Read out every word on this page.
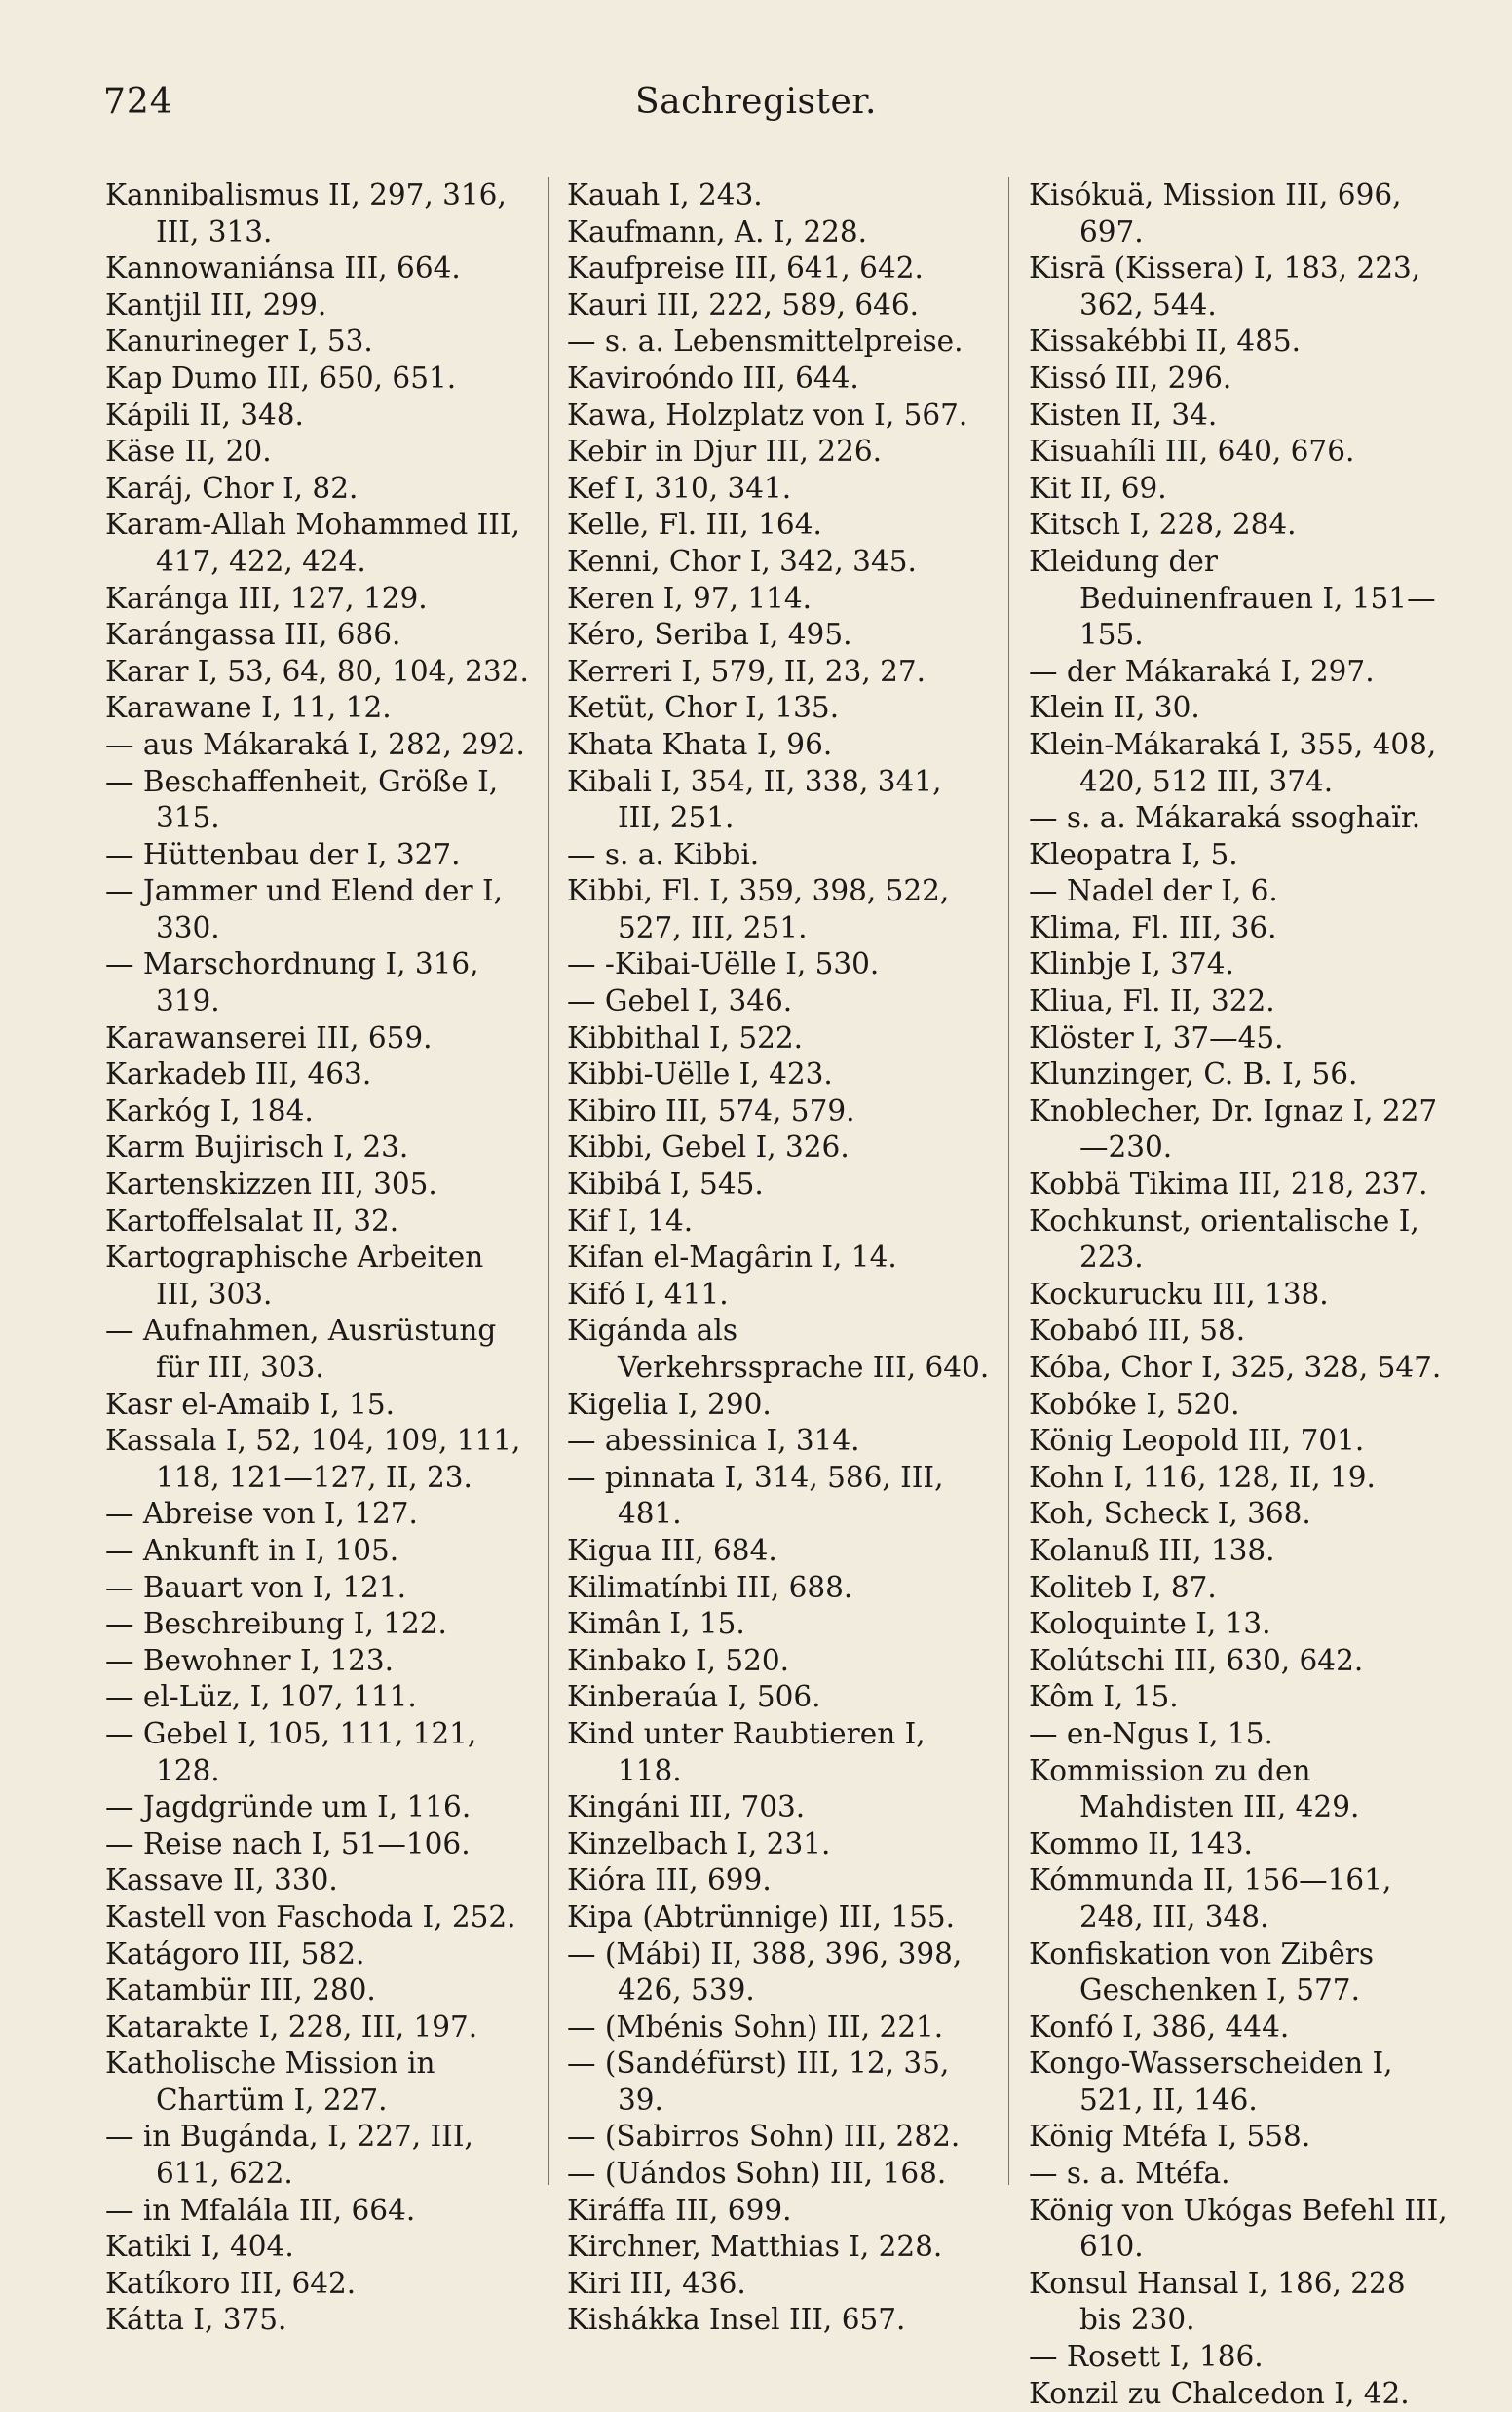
724	Sachregister.

Kannibalismus II, 297, 316, III, 313.

Kannowaniánsa III, 664.

Kantjil III, 299.

Kanurineger I, 53.

Kap Dumo III, 650, 651.

Kápili II, 348.

Käse II, 20.

Karáj, Chor I, 82.

Karam-Allah Mohammed III, 417, 422, 424.

Karánga III, 127, 129.

Karángassa III, 686.

Karar I, 53, 64, 80, 104, 232.

Karawane I, 11, 12.

— aus Mákaraká I, 282, 292.

— Beschaffenheit, Größe I, 315.

— Hüttenbau der I, 327.

— Jammer und Elend der I, 330.

— Marschordnung I, 316, 319.

Karawanserei III, 659.

Karkadeb III, 463.

Karkóg I, 184.

Karm Bujirisch I, 23.

Kartenskizzen III, 305.

Kartoffelsalat II, 32.

Kartographische Arbeiten III, 303.

— Aufnahmen, Ausrüstung für III, 303.

Kasr el-Amaib I, 15.

Kassala I, 52, 104, 109, 111, 118, 121—127, II, 23.

— Abreise von I, 127.

— Ankunft in I, 105.

— Bauart von I, 121.

— Beschreibung I, 122.

— Bewohner I, 123.

— el-Lüz, I, 107, 111.

— Gebel I, 105, 111, 121, 128.

— Jagdgründe um I, 116.

— Reise nach I, 51—106.

Kassave II, 330.

Kastell von Faschoda I, 252.

Katágoro III, 582.

Katambür III, 280.

Katarakte I, 228, III, 197.

Katholische Mission in Chartüm I, 227.

— in Bugánda, I, 227, III, 611, 622.

— in Mfalála III, 664.

Katiki I, 404.

Katíkoro III, 642.

Kátta I, 375.

Kauah I, 243.

Kaufmann, A. I, 228.

Kaufpreise III, 641, 642.

Kauri III, 222, 589, 646.

— s. a. Lebensmittelpreise.

Kaviroóndo III, 644.

Kawa, Holzplatz von I, 567.

Kebir in Djur III, 226.

Kef I, 310, 341.

Kelle, Fl. III, 164.

Kenni, Chor I, 342, 345.

Keren I, 97, 114.

Kéro, Seriba I, 495.

Kerreri I, 579, II, 23, 27.

Ketüt, Chor I, 135.

Khata Khata I, 96.

Kibali I, 354, II, 338, 341, III, 251.

— s. a. Kibbi.

Kibbi, Fl. I, 359, 398, 522, 527, III, 251.

— -Kibai-Uëlle I, 530.

— Gebel I, 346.

Kibbithal I, 522.

Kibbi-Uëlle I, 423.

Kibiro III, 574, 579.

Kibbi, Gebel I, 326.

Kibibá I, 545.

Kif I, 14.

Kifan el-Magârin I, 14.

Kifó I, 411.

Kigánda als Verkehrssprache III, 640.

Kigelia I, 290.

— abessinica I, 314.

— pinnata I, 314, 586, III, 481.

Kigua III, 684.

Kilimatínbi III, 688.

Kimân I, 15.

Kinbako I, 520.

Kinberaúa I, 506.

Kind unter Raubtieren I, 118.

Kingáni III, 703.

Kinzelbach I, 231.

Kióra III, 699.

Kipa (Abtrünnige) III, 155.

— (Mábi) II, 388, 396, 398, 426, 539.

— (Mbénis Sohn) III, 221.

— (Sandéfürst) III, 12, 35, 39.

— (Sabirros Sohn) III, 282.

— (Uándos Sohn) III, 168.

Kiráffa III, 699.

Kirchner, Matthias I, 228.

Kiri III, 436.

Kishákka Insel III, 657.

Kisókuä, Mission III, 696, 697.

Kisrā (Kissera) I, 183, 223, 362, 544.

Kissakébbi II, 485.

Kissó III, 296.

Kisten II, 34.

Kisuahíli III, 640, 676.

Kit II, 69.

Kitsch I, 228, 284.

Kleidung der Beduinenfrauen I, 151—155.

— der Mákaraká I, 297.

Klein II, 30.

Klein-Mákaraká I, 355, 408, 420, 512 III, 374.

— s. a. Mákaraká ssoghaïr.

Kleopatra I, 5.

— Nadel der I, 6.

Klima, Fl. III, 36.

Klinbje I, 374.

Kliua, Fl. II, 322.

Klöster I, 37—45.

Klunzinger, C. B. I, 56.

Knoblecher, Dr. Ignaz I, 227—230.

Kobbä Tikima III, 218, 237.

Kochkunst, orientalische I, 223.

Kockurucku III, 138.

Kobabó III, 58.

Kóba, Chor I, 325, 328, 547.

Kobóke I, 520.

König Leopold III, 701.

Kohn I, 116, 128, II, 19.

Koh, Scheck I, 368.

Kolanuß III, 138.

Koliteb I, 87.

Koloquinte I, 13.

Kolútschi III, 630, 642.

Kôm I, 15.

— en-Ngus I, 15.

Kommission zu den Mahdisten III, 429.

Kommo II, 143.

Kómmunda II, 156—161, 248, III, 348.

Konfiskation von Zibêrs Geschenken I, 577.

Konfó I, 386, 444.

Kongo-Wasserscheiden I, 521, II, 146.

König Mtéfa I, 558.

— s. a. Mtéfa.

König von Ukógas Befehl III, 610.

Konsul Hansal I, 186, 228 bis 230.

— Rosett I, 186.

Konzil zu Chalcedon I, 42.
